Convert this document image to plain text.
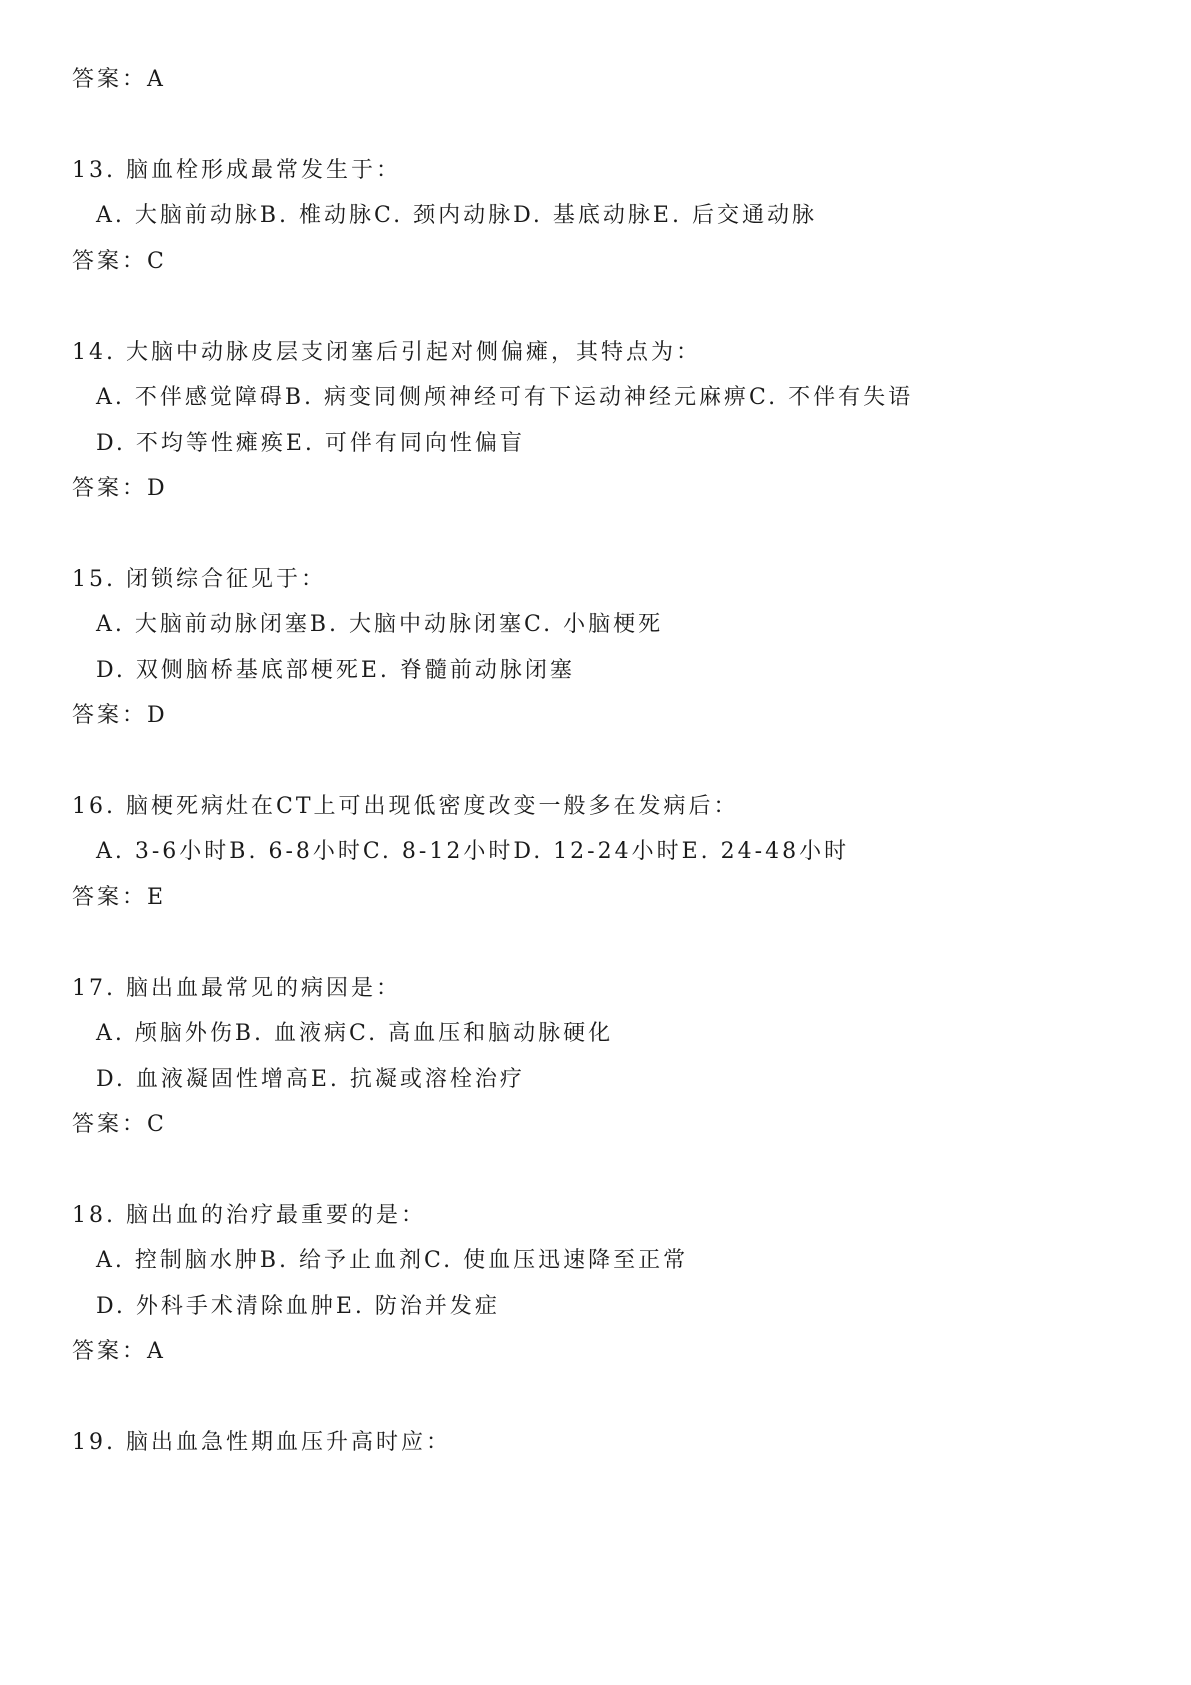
答案：A
13. 脑血栓形成最常发生于：
A. 大脑前动脉B. 椎动脉C. 颈内动脉D. 基底动脉E. 后交通动脉
答案：C
14. 大脑中动脉皮层支闭塞后引起对侧偏瘫，其特点为：
A. 不伴感觉障碍B. 病变同侧颅神经可有下运动神经元麻痹C. 不伴有失语
D. 不均等性瘫痪E. 可伴有同向性偏盲
答案：D
15. 闭锁综合征见于：
A. 大脑前动脉闭塞B. 大脑中动脉闭塞C. 小脑梗死
D. 双侧脑桥基底部梗死E. 脊髓前动脉闭塞
答案：D
16. 脑梗死病灶在CT上可出现低密度改变一般多在发病后：
A. 3-6小时B. 6-8小时C. 8-12小时D. 12-24小时E. 24-48小时
答案：E
17. 脑出血最常见的病因是：
A. 颅脑外伤B. 血液病C. 高血压和脑动脉硬化
D. 血液凝固性增高E. 抗凝或溶栓治疗
答案：C
18. 脑出血的治疗最重要的是：
A. 控制脑水肿B. 给予止血剂C. 使血压迅速降至正常
D. 外科手术清除血肿E. 防治并发症
答案：A
19. 脑出血急性期血压升高时应：
